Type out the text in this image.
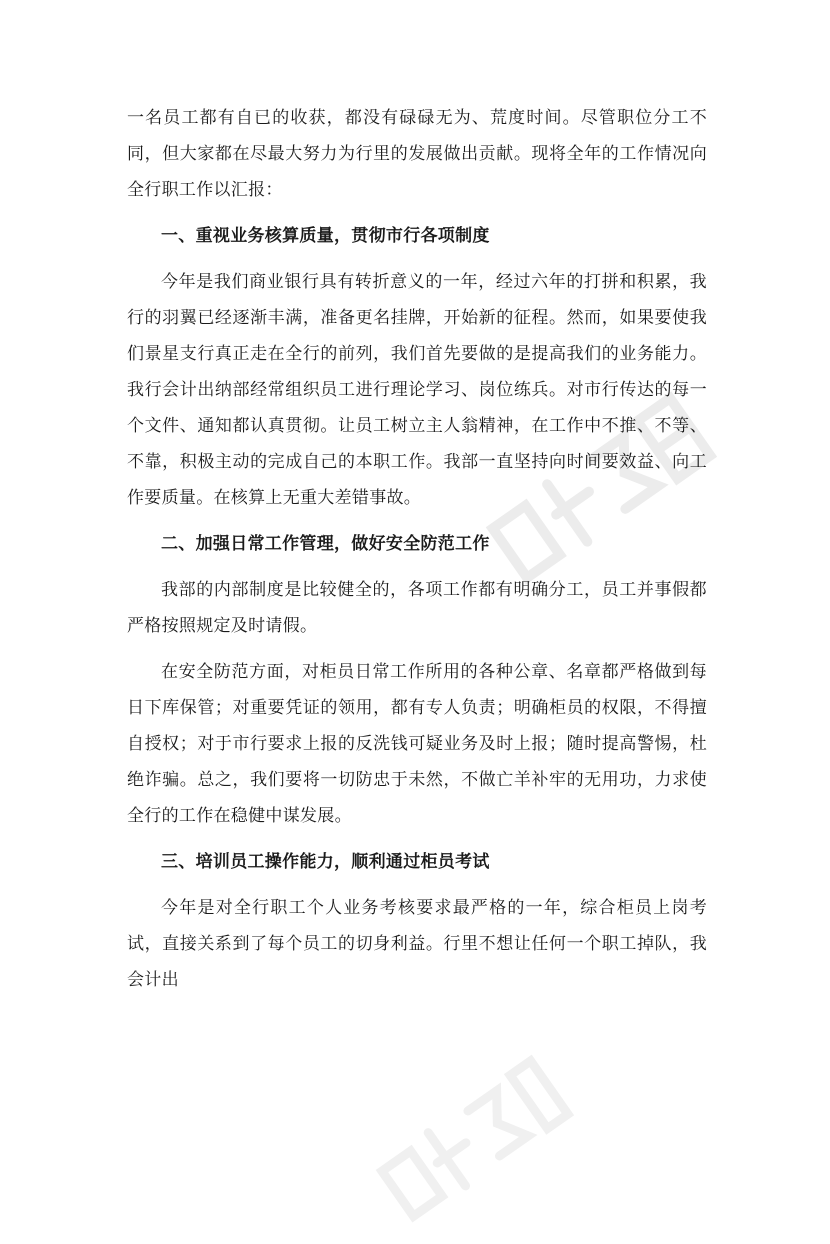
一名员工都有自已的收获，都没有碌碌无为、荒度时间。尽管职位分工不同，但大家都在尽最大努力为行里的发展做出贡献。现将全年的工作情况向全行职工作以汇报：

一、重视业务核算质量，贯彻市行各项制度

今年是我们商业银行具有转折意义的一年，经过六年的打拼和积累，我行的羽翼已经逐渐丰满，准备更名挂牌，开始新的征程。然而，如果要使我们景星支行真正走在全行的前列，我们首先要做的是提高我们的业务能力。我行会计出纳部经常组织员工进行理论学习、岗位练兵。对市行传达的每一个文件、通知都认真贯彻。让员工树立主人翁精神，在工作中不推、不等、不靠，积极主动的完成自己的本职工作。我部一直坚持向时间要效益、向工作要质量。在核算上无重大差错事故。

二、加强日常工作管理，做好安全防范工作

我部的内部制度是比较健全的，各项工作都有明确分工，员工并事假都严格按照规定及时请假。

在安全防范方面，对柜员日常工作所用的各种公章、名章都严格做到每日下库保管；对重要凭证的领用，都有专人负责；明确柜员的权限，不得擅自授权；对于市行要求上报的反洗钱可疑业务及时上报；随时提高警惕，杜绝诈骗。总之，我们要将一切防忠于未然，不做亡羊补牢的无用功，力求使全行的工作在稳健中谋发展。

三、培训员工操作能力，顺利通过柜员考试

今年是对全行职工个人业务考核要求最严格的一年，综合柜员上岗考试，直接关系到了每个员工的切身利益。行里不想让任何一个职工掉队，我会计出
